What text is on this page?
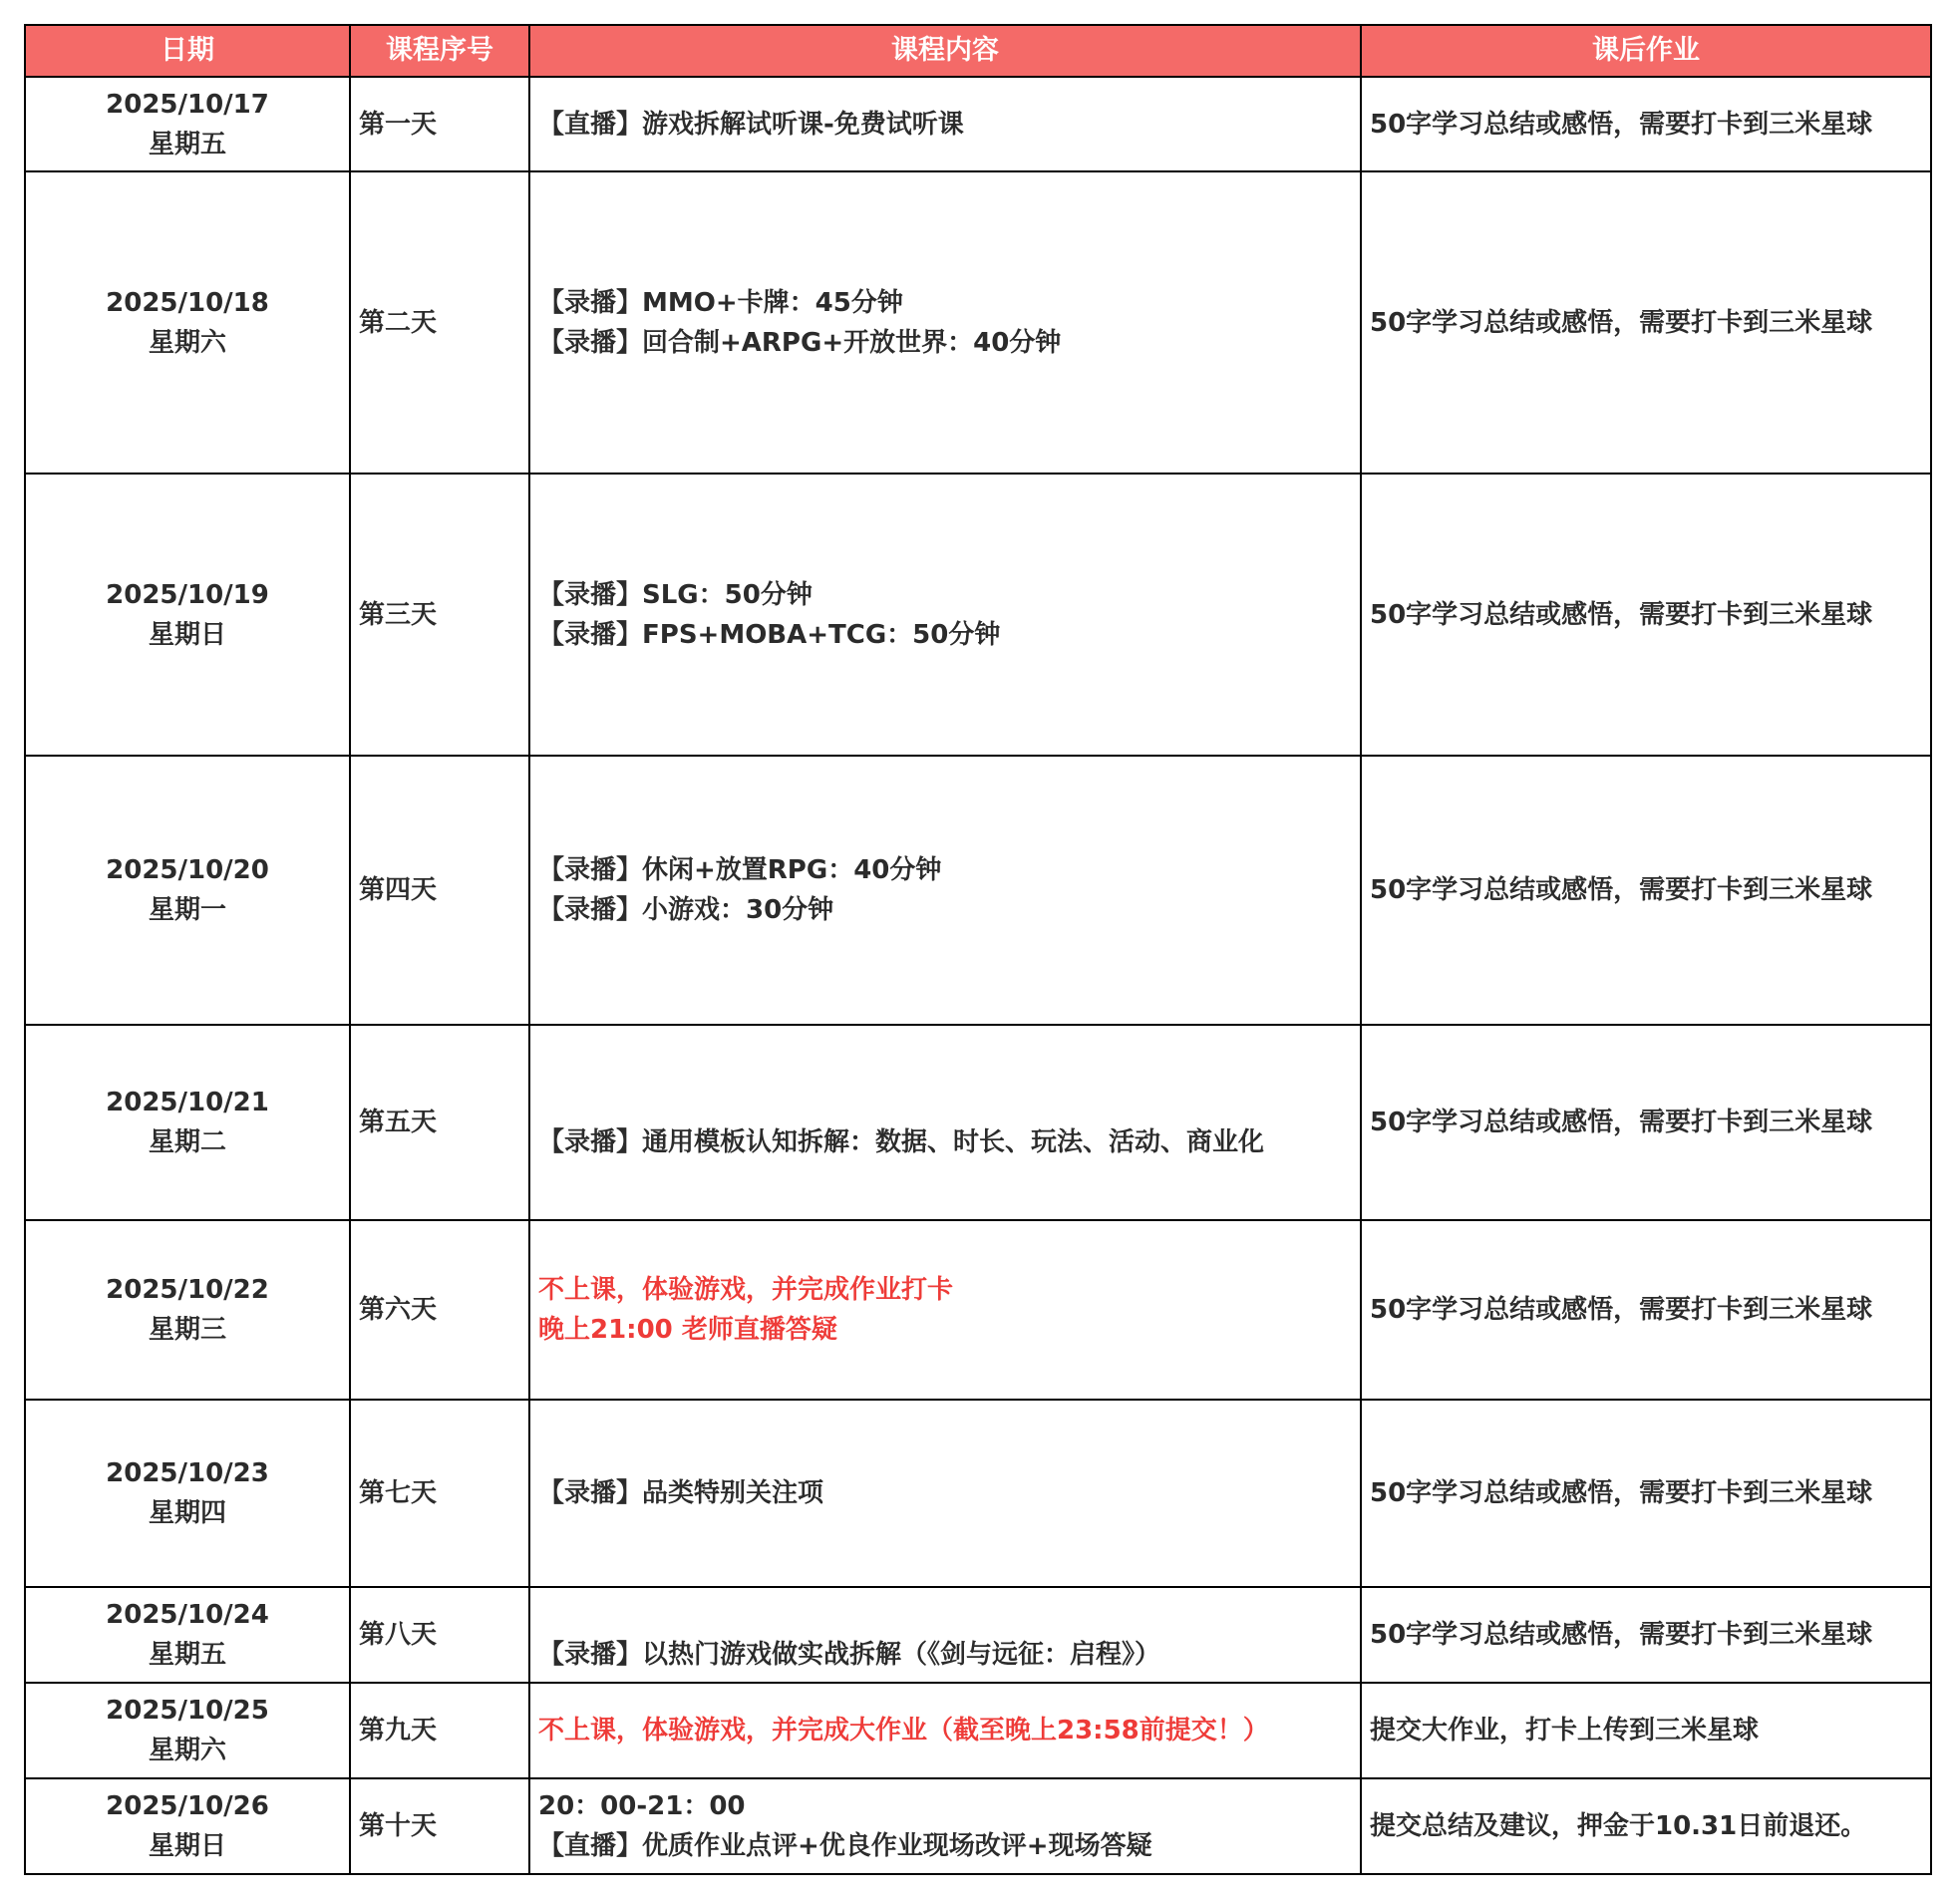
日期	课程序号	课程内容	课后作业

2025/10/17
星期五	第一天	【直播】游戏拆解试听课-免费试听课	50字学习总结或感悟，需要打卡到三米星球

2025/10/18
星期六	第二天	【录播】MMO+卡牌：45分钟
【录播】回合制+ARPG+开放世界：40分钟	50字学习总结或感悟，需要打卡到三米星球

2025/10/19
星期日	第三天	【录播】SLG：50分钟
【录播】FPS+MOBA+TCG：50分钟	50字学习总结或感悟，需要打卡到三米星球

2025/10/20
星期一	第四天	【录播】休闲+放置RPG：40分钟
【录播】小游戏：30分钟	50字学习总结或感悟，需要打卡到三米星球

2025/10/21
星期二	第五天	【录播】通用模板认知拆解：数据、时长、玩法、活动、商业化	50字学习总结或感悟，需要打卡到三米星球

2025/10/22
星期三	第六天	不上课，体验游戏，并完成作业打卡
晚上21:00 老师直播答疑	50字学习总结或感悟，需要打卡到三米星球

2025/10/23
星期四	第七天	【录播】品类特别关注项	50字学习总结或感悟，需要打卡到三米星球

2025/10/24
星期五	第八天	【录播】以热门游戏做实战拆解（《剑与远征：启程》）	50字学习总结或感悟，需要打卡到三米星球

2025/10/25
星期六	第九天	不上课，体验游戏，并完成大作业（截至晚上23:58前提交！）	提交大作业，打卡上传到三米星球

2025/10/26
星期日	第十天	20：00-21：00
【直播】优质作业点评+优良作业现场改评+现场答疑	提交总结及建议，押金于10.31日前退还。
